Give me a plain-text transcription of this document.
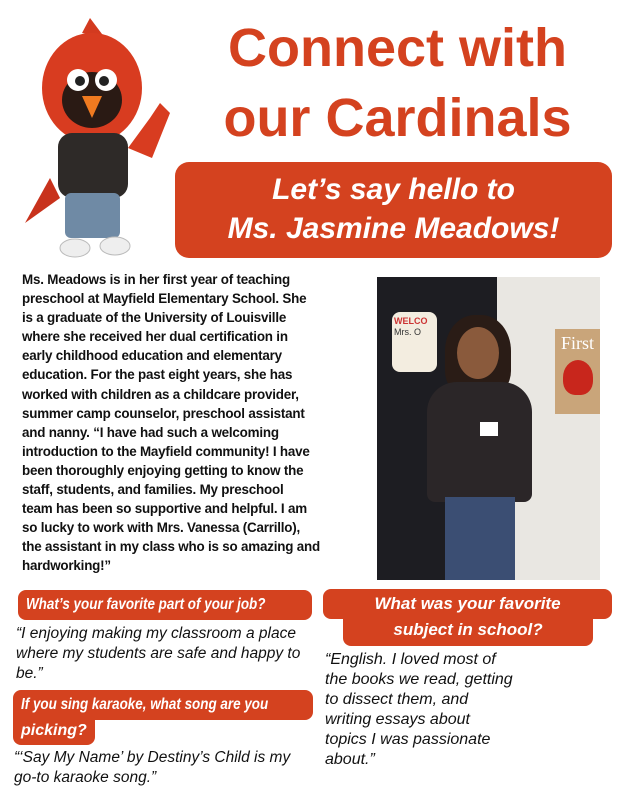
Connect with
our Cardinals
Let’s say hello to
Ms. Jasmine Meadows!
Ms. Meadows is in her first year of teaching
preschool at Mayfield Elementary School. She
is a graduate of the University of Louisville
where she received her dual certification in
early childhood education and elementary
education. For the past eight years, she has
worked with children as a childcare provider,
summer camp counselor, preschool assistant
and nanny. “I have had such a welcoming
introduction to the Mayfield community! I have
been thoroughly enjoying getting to know the
staff, students, and families. My preschool
team has been so supportive and helpful. I am
so lucky to work with Mrs. Vanessa (Carrillo),
the assistant in my class who is so amazing and
hardworking!”
WELCO
Mrs. O
First
What’s your favorite part of your job?
“I enjoying making my classroom a place
where my students are safe and happy to
be.”
If you sing karaoke, what song are you
picking?
“‘Say My Name’ by Destiny’s Child is my
go-to karaoke song.”
What was your favorite
subject in school?
“English. I loved most of
the books we read, getting
to dissect them, and
writing essays about
topics I was passionate
about.”
